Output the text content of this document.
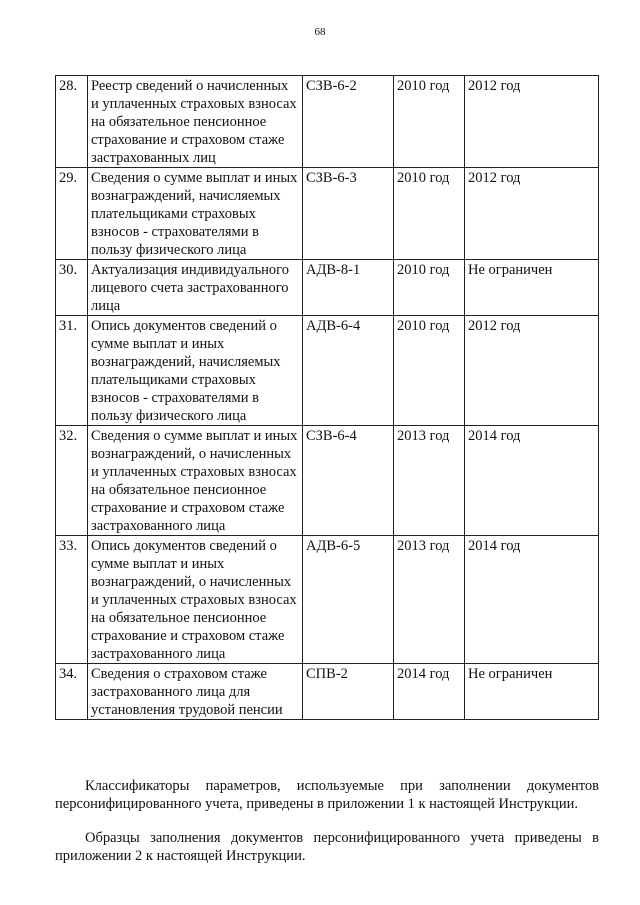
68
28.	Реестр сведений о начисленных и уплаченных страховых взносах на обязательное пенсионное страхование и страховом стаже застрахованных лиц	СЗВ-6-2	2010 год	2012 год
29.	Сведения о сумме выплат и иных вознаграждений, начисляемых плательщиками страховых взносов - страхователями в пользу физического лица	СЗВ-6-3	2010 год	2012 год
30.	Актуализация индивидуального лицевого счета застрахованного лица	АДВ-8-1	2010 год	Не ограничен
31.	Опись документов сведений о сумме выплат и иных вознаграждений, начисляемых плательщиками страховых взносов - страхователями в пользу физического лица	АДВ-6-4	2010 год	2012 год
32.	Сведения о сумме выплат и иных вознаграждений, о начисленных и уплаченных страховых взносах на обязательное пенсионное страхование и страховом стаже застрахованного лица	СЗВ-6-4	2013 год	2014 год
33.	Опись документов сведений о сумме выплат и иных вознаграждений, о начисленных и уплаченных страховых взносах на обязательное пенсионное страхование и страховом стаже застрахованного лица	АДВ-6-5	2013 год	2014 год
34.	Сведения о страховом стаже застрахованного лица для установления трудовой пенсии	СПВ-2	2014 год	Не ограничен

Классификаторы параметров, используемые при заполнении документов персонифицированного учета, приведены в приложении 1 к настоящей Инструкции.

Образцы заполнения документов персонифицированного учета приведены в приложении 2 к настоящей Инструкции.
